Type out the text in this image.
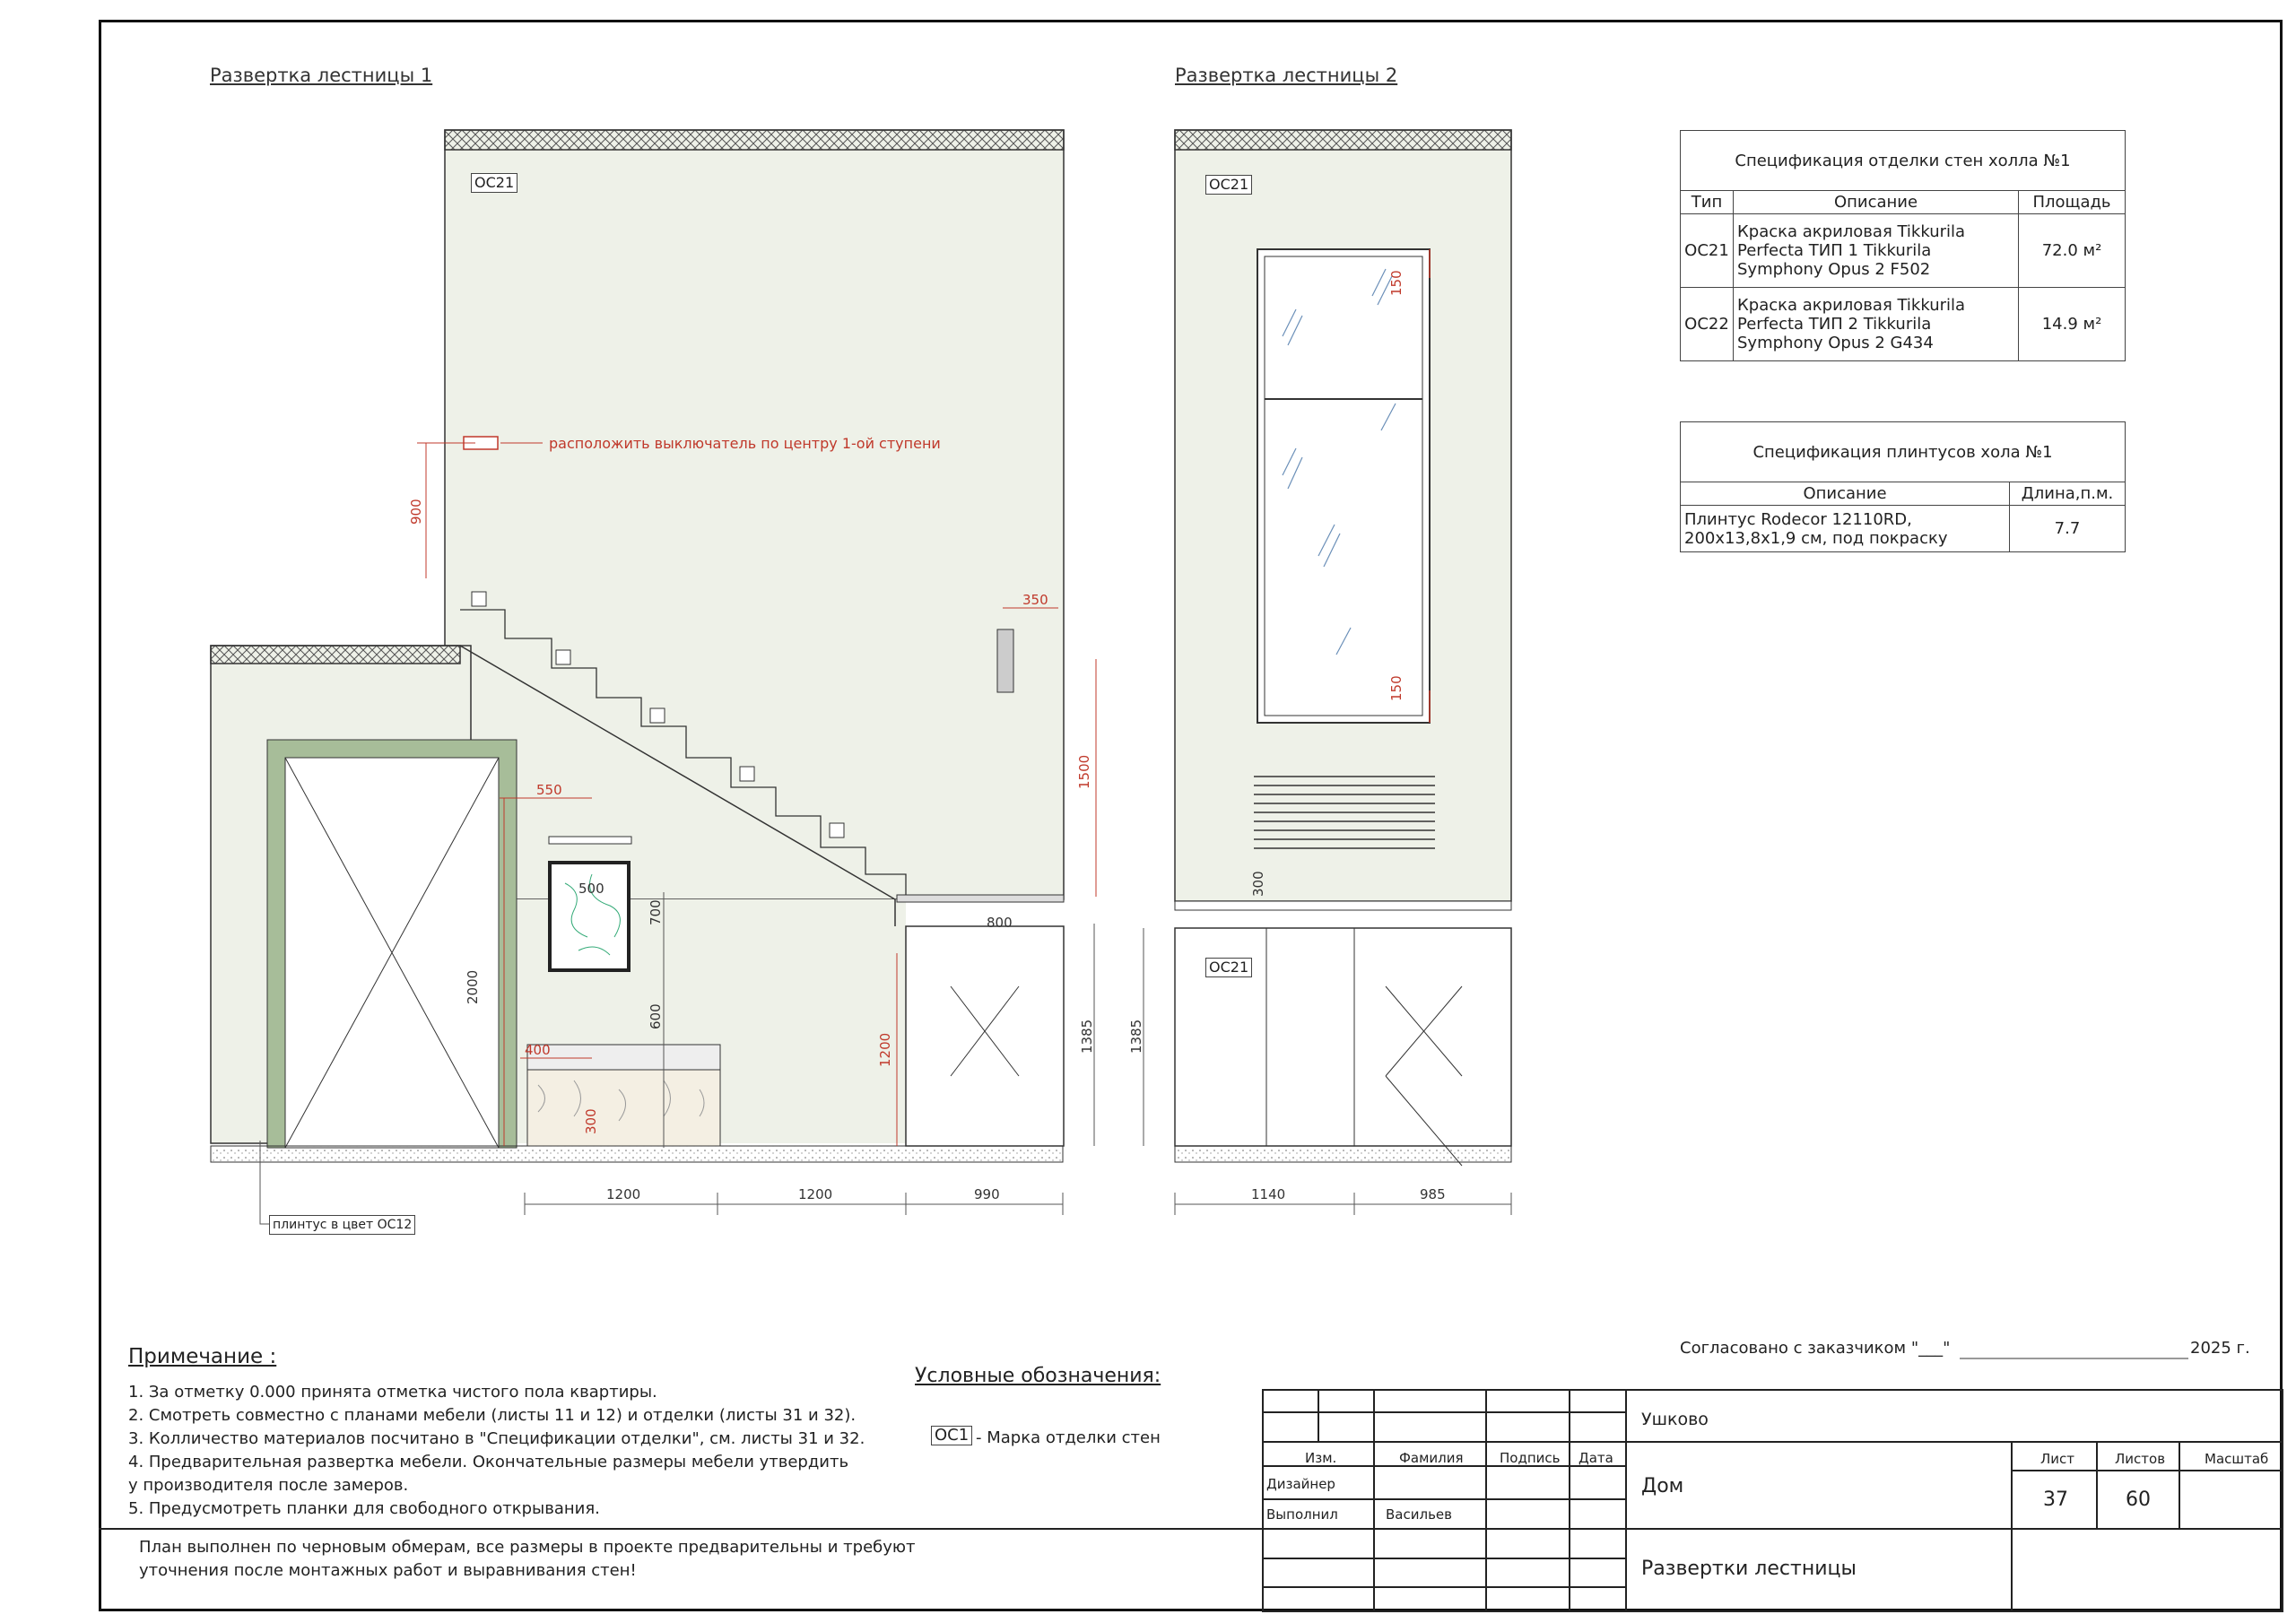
Развертка лестницы 1	Развертка лестницы 2
ОС21	ОС21
ОС21
плинтус в цвет ОС12
расположить выключатель по центру 1-ой ступени
900
350
1500
550
500
700
600
2000
400
300
1200
800
1385 1385
300
150
150
1200	1200	990	1140	985
Спецификация отделки стен холла №1		
Тип	Описание	Площадь
ОС21	Краска акриловая Tikkurila Perfecta ТИП 1 Tikkurila Symphony Opus 2 F502	72.0 м²
ОС22	Краска акриловая Tikkurila Perfecta ТИП 2 Tikkurila Symphony Opus 2 G434	14.9 м²
Спецификация плинтусов хола №1	
Описание	Длина,п.м.
Плинтус Rodecor 12110RD, 200х13,8х1,9 см, под покраску	7.7
Примечание :
1. За отметку 0.000 принята отметка чистого пола квартиры.
2. Смотреть совместно с планами мебели (листы 11 и 12) и отделки (листы 31 и 32).
3. Колличество материалов посчитано в "Спецификации отделки", см. листы 31 и 32.
4. Предварительная развертка мебели. Окончательные размеры мебели утвердить
у производителя после замеров.
5. Предусмотреть планки для свободного открывания.
План выполнен по черновым обмерам, все размеры в проекте предварительны и требуют
уточнения после монтажных работ и выравнивания стен!
Условные обозначения:
ОС1 - Марка отделки стен
Согласовано с заказчиком "___"	2025 г.
Ушково
Изм.	Фамилия	Подпись Дата
Дизайнер
Выполнил	Васильев
Дом
Развертки лестницы
Лист	Листов	Масштаб
37	60
